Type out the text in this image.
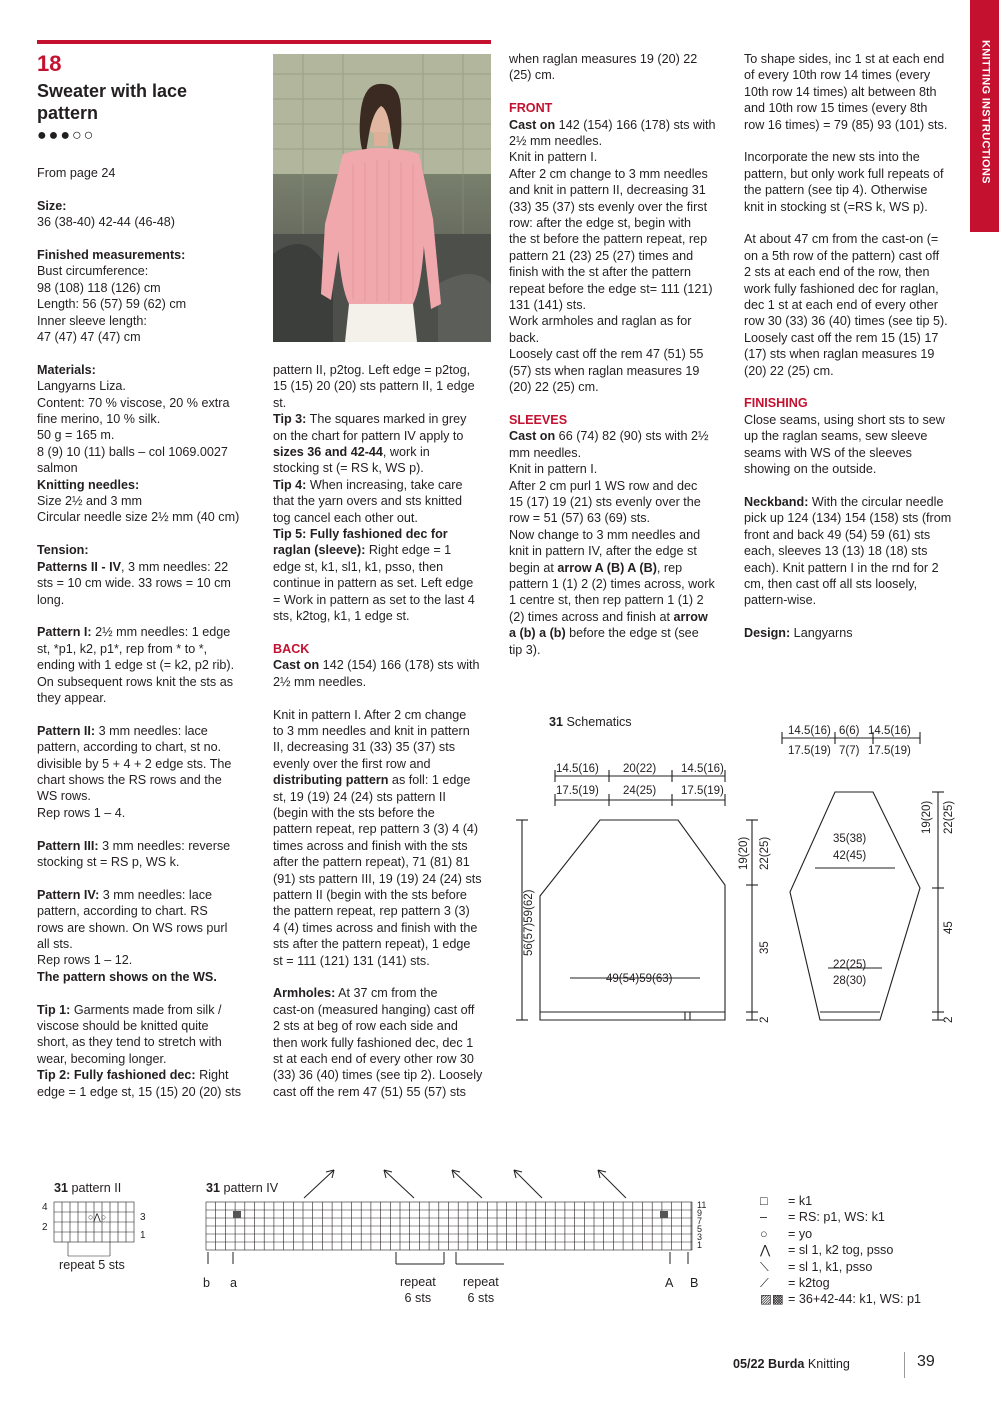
KNITTING INSTRUCTIONS
18
Sweater with lace pattern
●●●○○

From page 24

Size:

36 (38-40) 42-44 (46-48)

Finished measurements:

Bust circumference:

98 (108) 118 (126) cm

Length: 56 (57) 59 (62) cm

Inner sleeve length:

47 (47) 47 (47) cm

Materials:

Langyarns Liza.

Content: 70 % viscose, 20 % extra

fine merino, 10 % silk.

50 g = 165 m.

8 (9) 10 (11) balls – col 1069.0027

salmon

Knitting needles:

Size 2½ and 3 mm

Circular needle size 2½ mm (40 cm)

Tension:

Patterns II - IV, 3 mm needles: 22

sts = 10 cm wide. 33 rows = 10 cm

long.

Pattern I: 2½ mm needles: 1 edge

st, *p1, k2, p1*, rep from * to *,

ending with 1 edge st (= k2, p2 rib).

On subsequent rows knit the sts as

they appear.

Pattern II: 3 mm needles: lace

pattern, according to chart, st no.

divisible by 5 + 4 + 2 edge sts. The

chart shows the RS rows and the

WS rows.

Rep rows 1 – 4.

Pattern III: 3 mm needles: reverse

stocking st = RS p, WS k.

Pattern IV: 3 mm needles: lace

pattern, according to chart. RS

rows are shown. On WS rows purl

all sts.

Rep rows 1 – 12.

The pattern shows on the WS.

Tip 1: Garments made from silk /

viscose should be knitted quite

short, as they tend to stretch with

wear, becoming longer.

Tip 2: Fully fashioned dec: Right

edge = 1 edge st, 15 (15) 20 (20) sts

pattern II, p2tog. Left edge = p2tog,

15 (15) 20 (20) sts pattern II, 1 edge

st.

Tip 3: The squares marked in grey

on the chart for pattern IV apply to

sizes 36 and 42-44, work in

stocking st (= RS k, WS p).

Tip 4: When increasing, take care

that the yarn overs and sts knitted

tog cancel each other out.

Tip 5: Fully fashioned dec for

raglan (sleeve): Right edge = 1

edge st, k1, sl1, k1, psso, then

continue in pattern as set. Left edge

= Work in pattern as set to the last 4

sts, k2tog, k1, 1 edge st.

BACK

Cast on 142 (154) 166 (178) sts with

2½ mm needles.

Knit in pattern I. After 2 cm change

to 3 mm needles and knit in pattern

II, decreasing 31 (33) 35 (37) sts

evenly over the first row and

distributing pattern as foll: 1 edge

st, 19 (19) 24 (24) sts pattern II

(begin with the sts before the

pattern repeat, rep pattern 3 (3) 4 (4)

times across and finish with the sts

after the pattern repeat), 71 (81) 81

(91) sts pattern III, 19 (19) 24 (24) sts

pattern II (begin with the sts before

the pattern repeat, rep pattern 3 (3)

4 (4) times across and finish with the

sts after the pattern repeat), 1 edge

st = 111 (121) 131 (141) sts.

Armholes: At 37 cm from the

cast-on (measured hanging) cast off

2 sts at beg of row each side and

then work fully fashioned dec, dec 1

st at each end of every other row 30

(33) 36 (40) times (see tip 2). Loosely

cast off the rem 47 (51) 55 (57) sts

when raglan measures 19 (20) 22

(25) cm.

FRONT

Cast on 142 (154) 166 (178) sts with

2½ mm needles.

Knit in pattern I.

After 2 cm change to 3 mm needles

and knit in pattern II, decreasing 31

(33) 35 (37) sts evenly over the first

row: after the edge st, begin with

the st before the pattern repeat, rep

pattern 21 (23) 25 (27) times and

finish with the st after the pattern

repeat before the edge st= 111 (121)

131 (141) sts.

Work armholes and raglan as for

back.

Loosely cast off the rem 47 (51) 55

(57) sts when raglan measures 19

(20) 22 (25) cm.

SLEEVES

Cast on 66 (74) 82 (90) sts with 2½

mm needles.

Knit in pattern I.

After 2 cm purl 1 WS row and dec

15 (17) 19 (21) sts evenly over the

row = 51 (57) 63 (69) sts.

Now change to 3 mm needles and

knit in pattern IV, after the edge st

begin at arrow A (B) A (B), rep

pattern 1 (1) 2 (2) times across, work

1 centre st, then rep pattern 1 (1) 2

(2) times across and finish at arrow

a (b) a (b) before the edge st (see

tip 3).

To shape sides, inc 1 st at each end

of every 10th row 14 times (every

10th row 14 times) alt between 8th

and 10th row 15 times (every 8th

row 16 times) = 79 (85) 93 (101) sts.

Incorporate the new sts into the

pattern, but only work full repeats of

the pattern (see tip 4). Otherwise

knit in stocking st (=RS k, WS p).

At about 47 cm from the cast-on (=

on a 5th row of the pattern) cast off

2 sts at each end of the row, then

work fully fashioned dec for raglan,

dec 1 st at each end of every other

row 30 (33) 36 (40) times (see tip 5).

Loosely cast off the rem 15 (15) 17

(17) sts when raglan measures 19

(20) 22 (25) cm.

FINISHING

Close seams, using short sts to sew

up the raglan seams, sew sleeve

seams with WS of the sleeves

showing on the outside.

Neckband: With the circular needle

pick up 124 (134) 154 (158) sts (from

front and back 49 (54) 59 (61) sts

each, sleeves 13 (13) 18 (18) sts

each). Knit pattern I in the rnd for 2

cm, then cast off all sts loosely,

pattern-wise.

Design: Langyarns

31 Schematics
14.5(16) 20(22) 14.5(16)
17.5(19) 24(25) 17.5(19)
49(54)59(63)
56(57)59(62)
19(20) 22(25)
35
2
14.5(16) 6(6) 14.5(16)
17.5(19) 7(7) 17.5(19)
35(38)
42(45)
22(25)
28(30)
19(20) 22(25)
45
2
31 pattern II
○⋀○
4
2
3
1
repeat 5 sts
31 pattern IV
11
9
7
5
3
1
b a	A B
repeat
6 sts
repeat
6 sts
□	= k1
–	= RS: p1, WS: k1
○	= yo
⋀	= sl 1, k2 tog, psso
⟍	= sl 1, k1, psso
⟋	= k2tog
▨▩ = 36+42-44: k1, WS: p1
05/22 Burda Knitting	39
